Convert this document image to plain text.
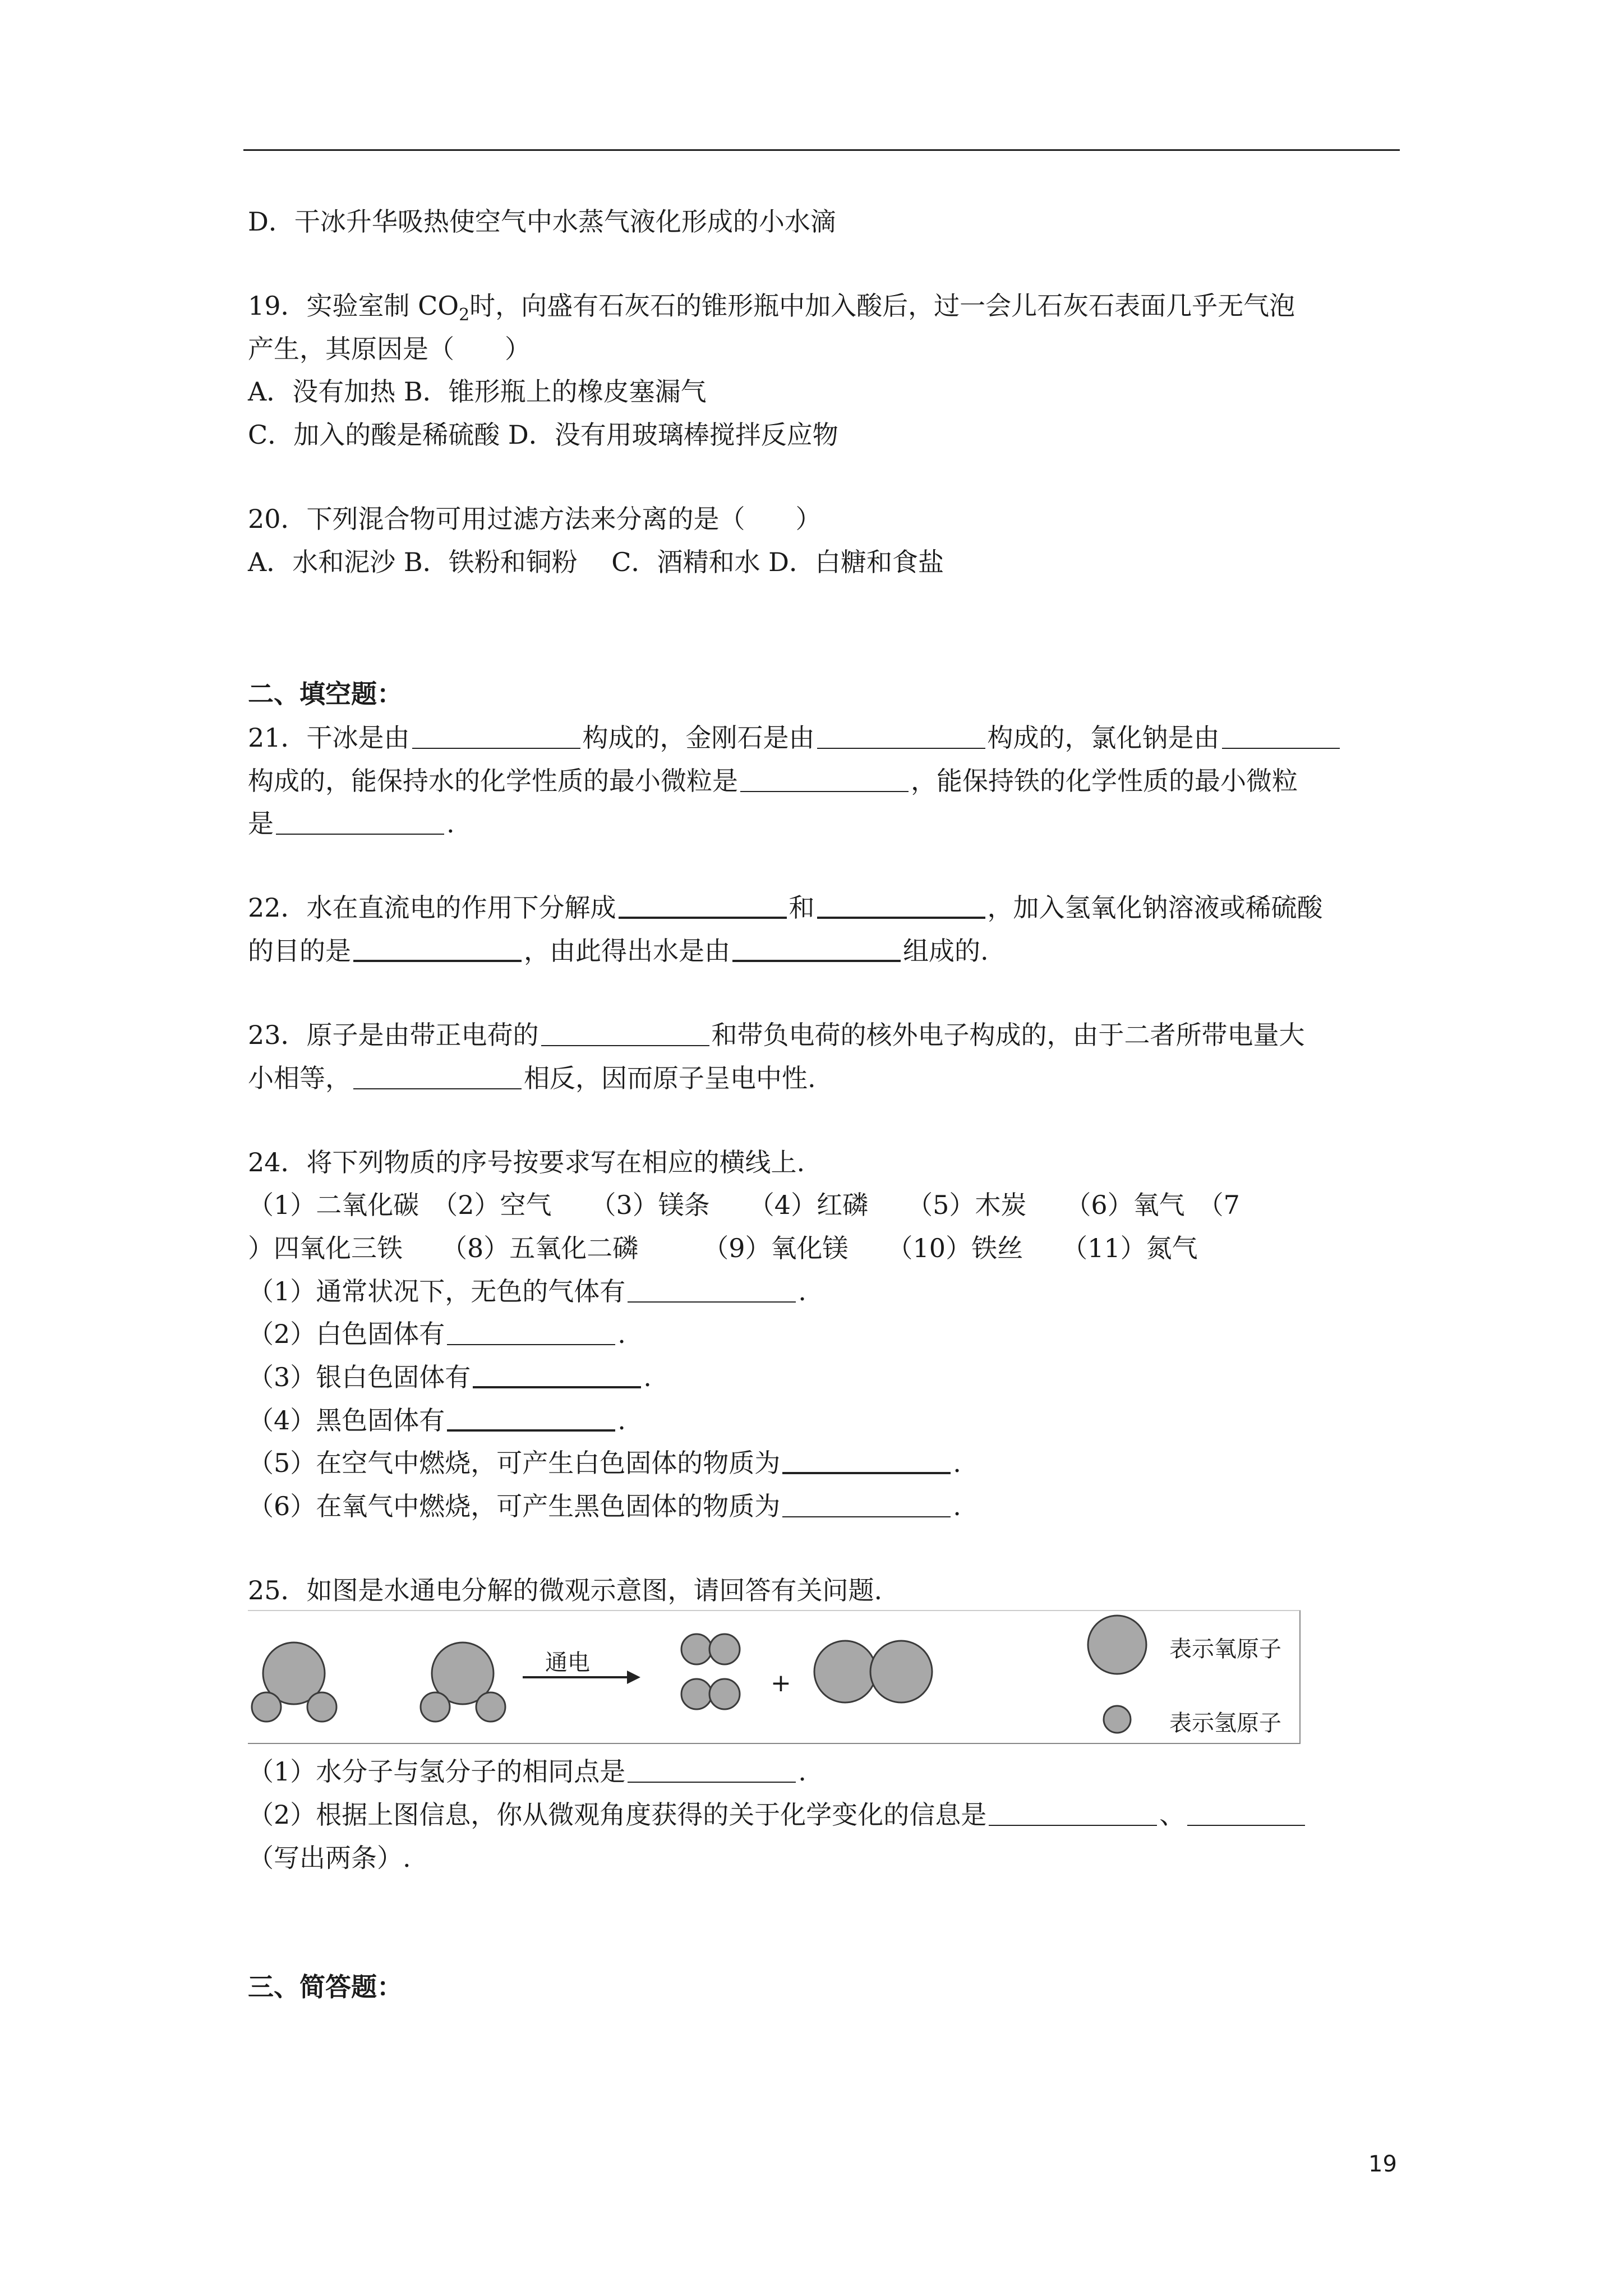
D．干冰升华吸热使空气中水蒸气液化形成的小水滴
19．实验室制 $CO_2$时，向盛有石灰石的锥形瓶中加入酸后，过一会儿石灰石表面几乎无气泡
产生，其原因是（ ）
A．没有加热 B．锥形瓶上的橡皮塞漏气
C．加入的酸是稀硫酸 D．没有用玻璃棒搅拌反应物
20．下列混合物可用过滤方法来分离的是（ ）
A．水和泥沙 B．铁粉和铜粉　 C．酒精和水 D．白糖和食盐
二、填空题：
21．干冰是由	构成的，金刚石是由	构成的，氯化钠是由
构成的，能保持水的化学性质的最小微粒是	，能保持铁的化学性质的最小微粒
是	.
22．水在直流电的作用下分解成	和	，加入氢氧化钠溶液或稀硫酸
的目的是	，由此得出水是由	组成的.
23．原子是由带正电荷的	和带负电荷的核外电子构成的，由于二者所带电量大
小相等，	相反，因而原子呈电中性.
24．将下列物质的序号按要求写在相应的横线上.
（1）二氧化碳　（2）空气　　（3）镁条　　（4）红磷　　（5）木炭　　（6）氧气　（7
）四氧化三铁　　（8）五氧化二磷　　　（9）氧化镁　　（10）铁丝　　（11）氮气
（1）通常状况下，无色的气体有	.
（2）白色固体有	.
（3）银白色固体有	.
（4）黑色固体有	.
（5）在空气中燃烧，可产生白色固体的物质为	.
（6）在氧气中燃烧，可产生黑色固体的物质为	.
25．如图是水通电分解的微观示意图，请回答有关问题.
通电
+
表示氧原子
表示氢原子
（1）水分子与氢分子的相同点是	.
（2）根据上图信息，你从微观角度获得的关于化学变化的信息是	、
（写出两条）.
三、简答题：
19
